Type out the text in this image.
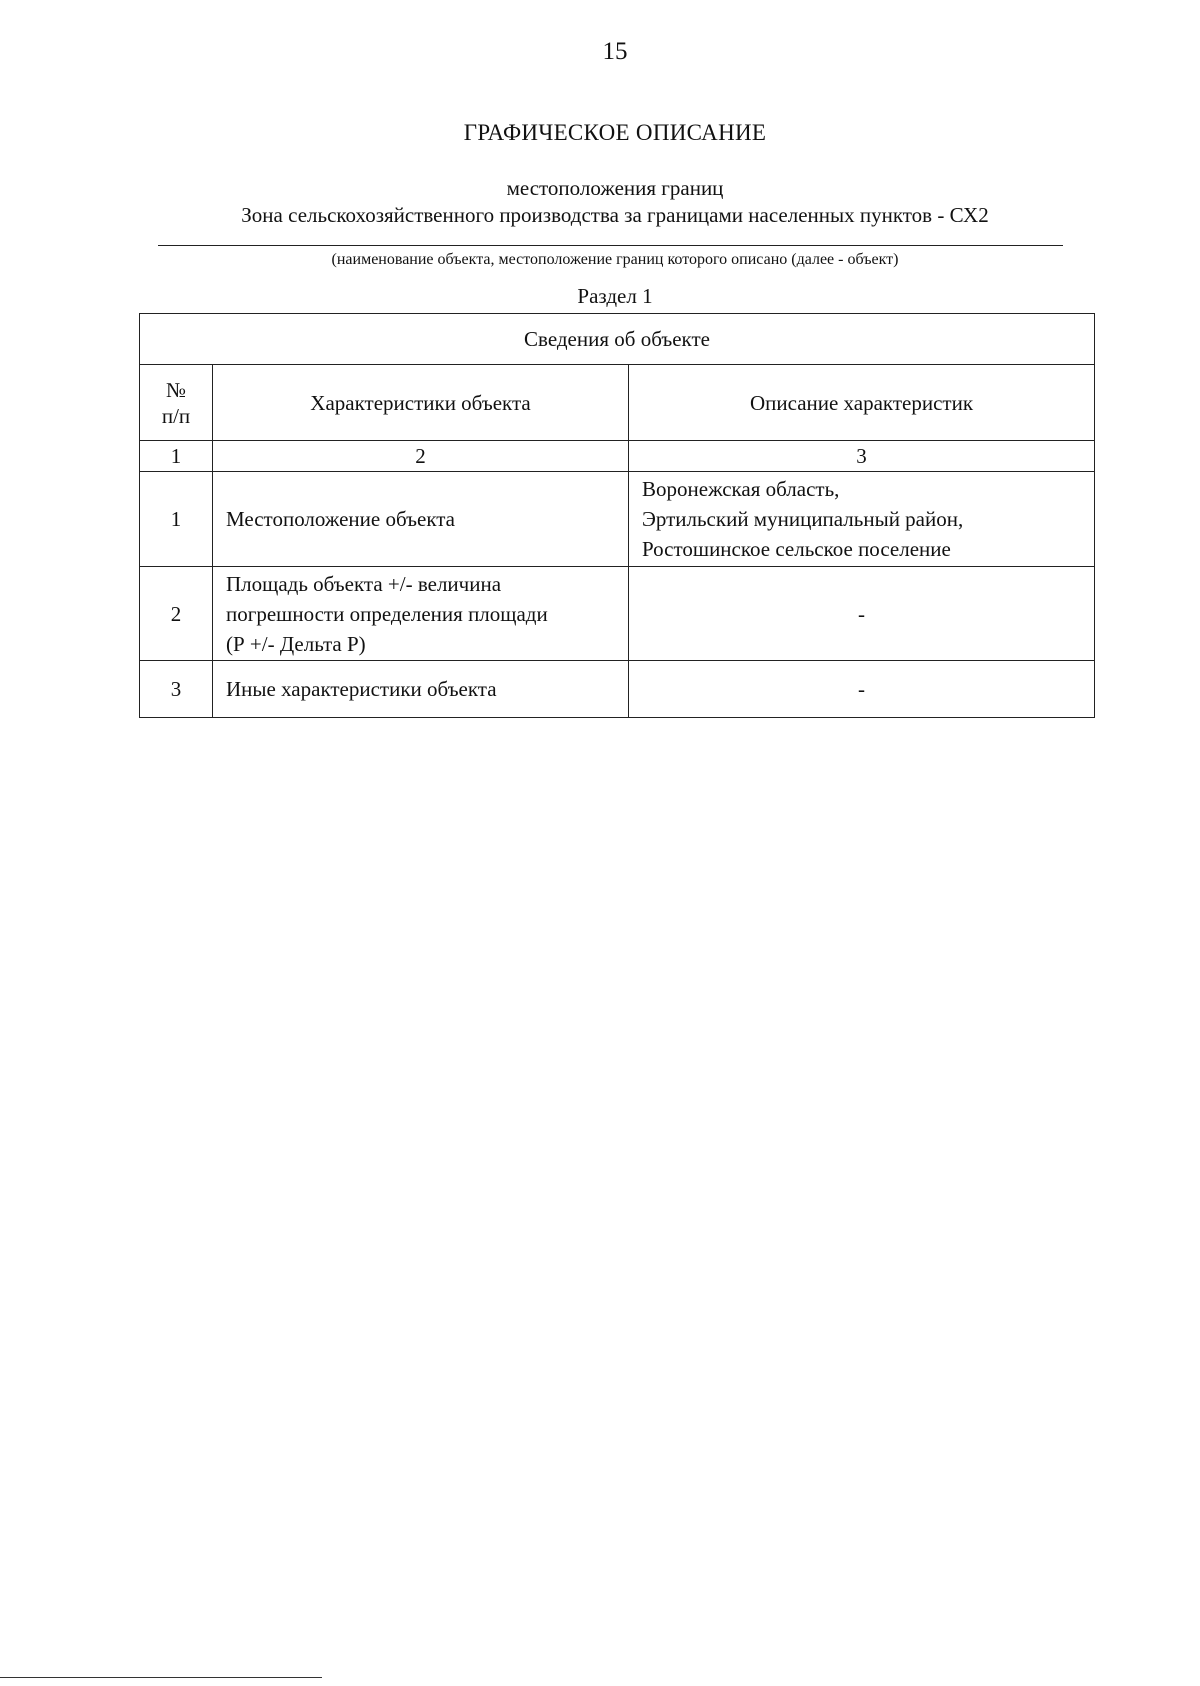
15
ГРАФИЧЕСКОЕ ОПИСАНИЕ
местоположения границ
Зона сельскохозяйственного производства за границами населенных пунктов - СХ2
(наименование объекта, местоположение границ которого описано (далее - объект)
Раздел 1
Сведения об объекте		

№
п/п	Характеристики объекта	Описание характеристик
1	2	3
1	Местоположение объекта	Воронежская область,
Эртильский муниципальный район,
Ростошинское сельское поселение

2	Площадь объекта +/- величина
погрешности определения площади
(Р +/- Дельта Р)	-
3	Иные характеристики объекта	-
